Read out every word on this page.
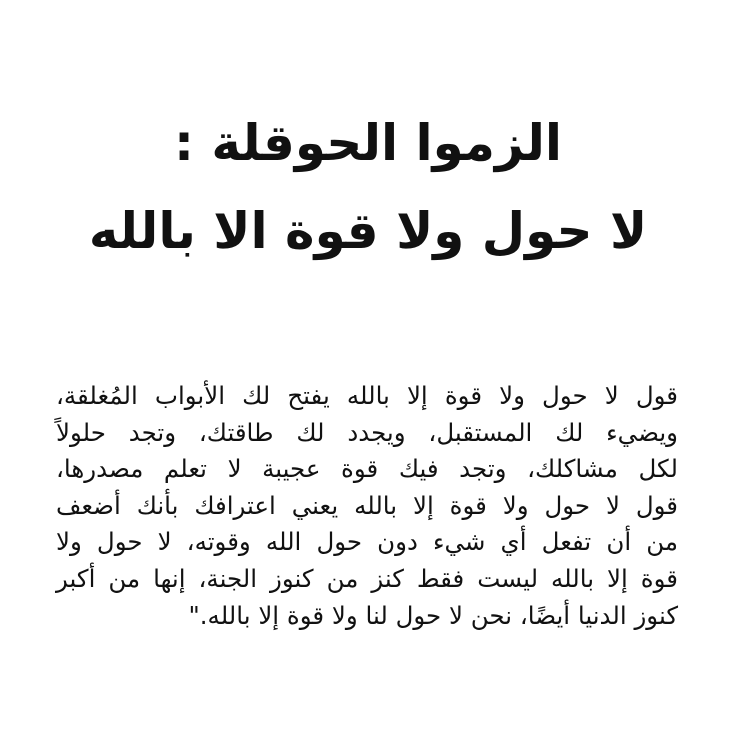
الزموا الحوقلة :
لا حول ولا قوة الا بالله
قول لا حول ولا قوة إلا بالله يفتح لك الأبواب المُغلقة،
ويضيء لك المستقبل، ويجدد لك طاقتك، وتجد حلولاً
لكل مشاكلك، وتجد فيك قوة عجيبة لا تعلم مصدرها،
قول لا حول ولا قوة إلا بالله يعني اعترافك بأنك أضعف
من أن تفعل أي شيء دون حول الله وقوته، لا حول ولا
قوة إلا بالله ليست فقط كنز من كنوز الجنة، إنها من أكبر
كنوز الدنيا أيضًا، نحن لا حول لنا ولا قوة إلا بالله."
